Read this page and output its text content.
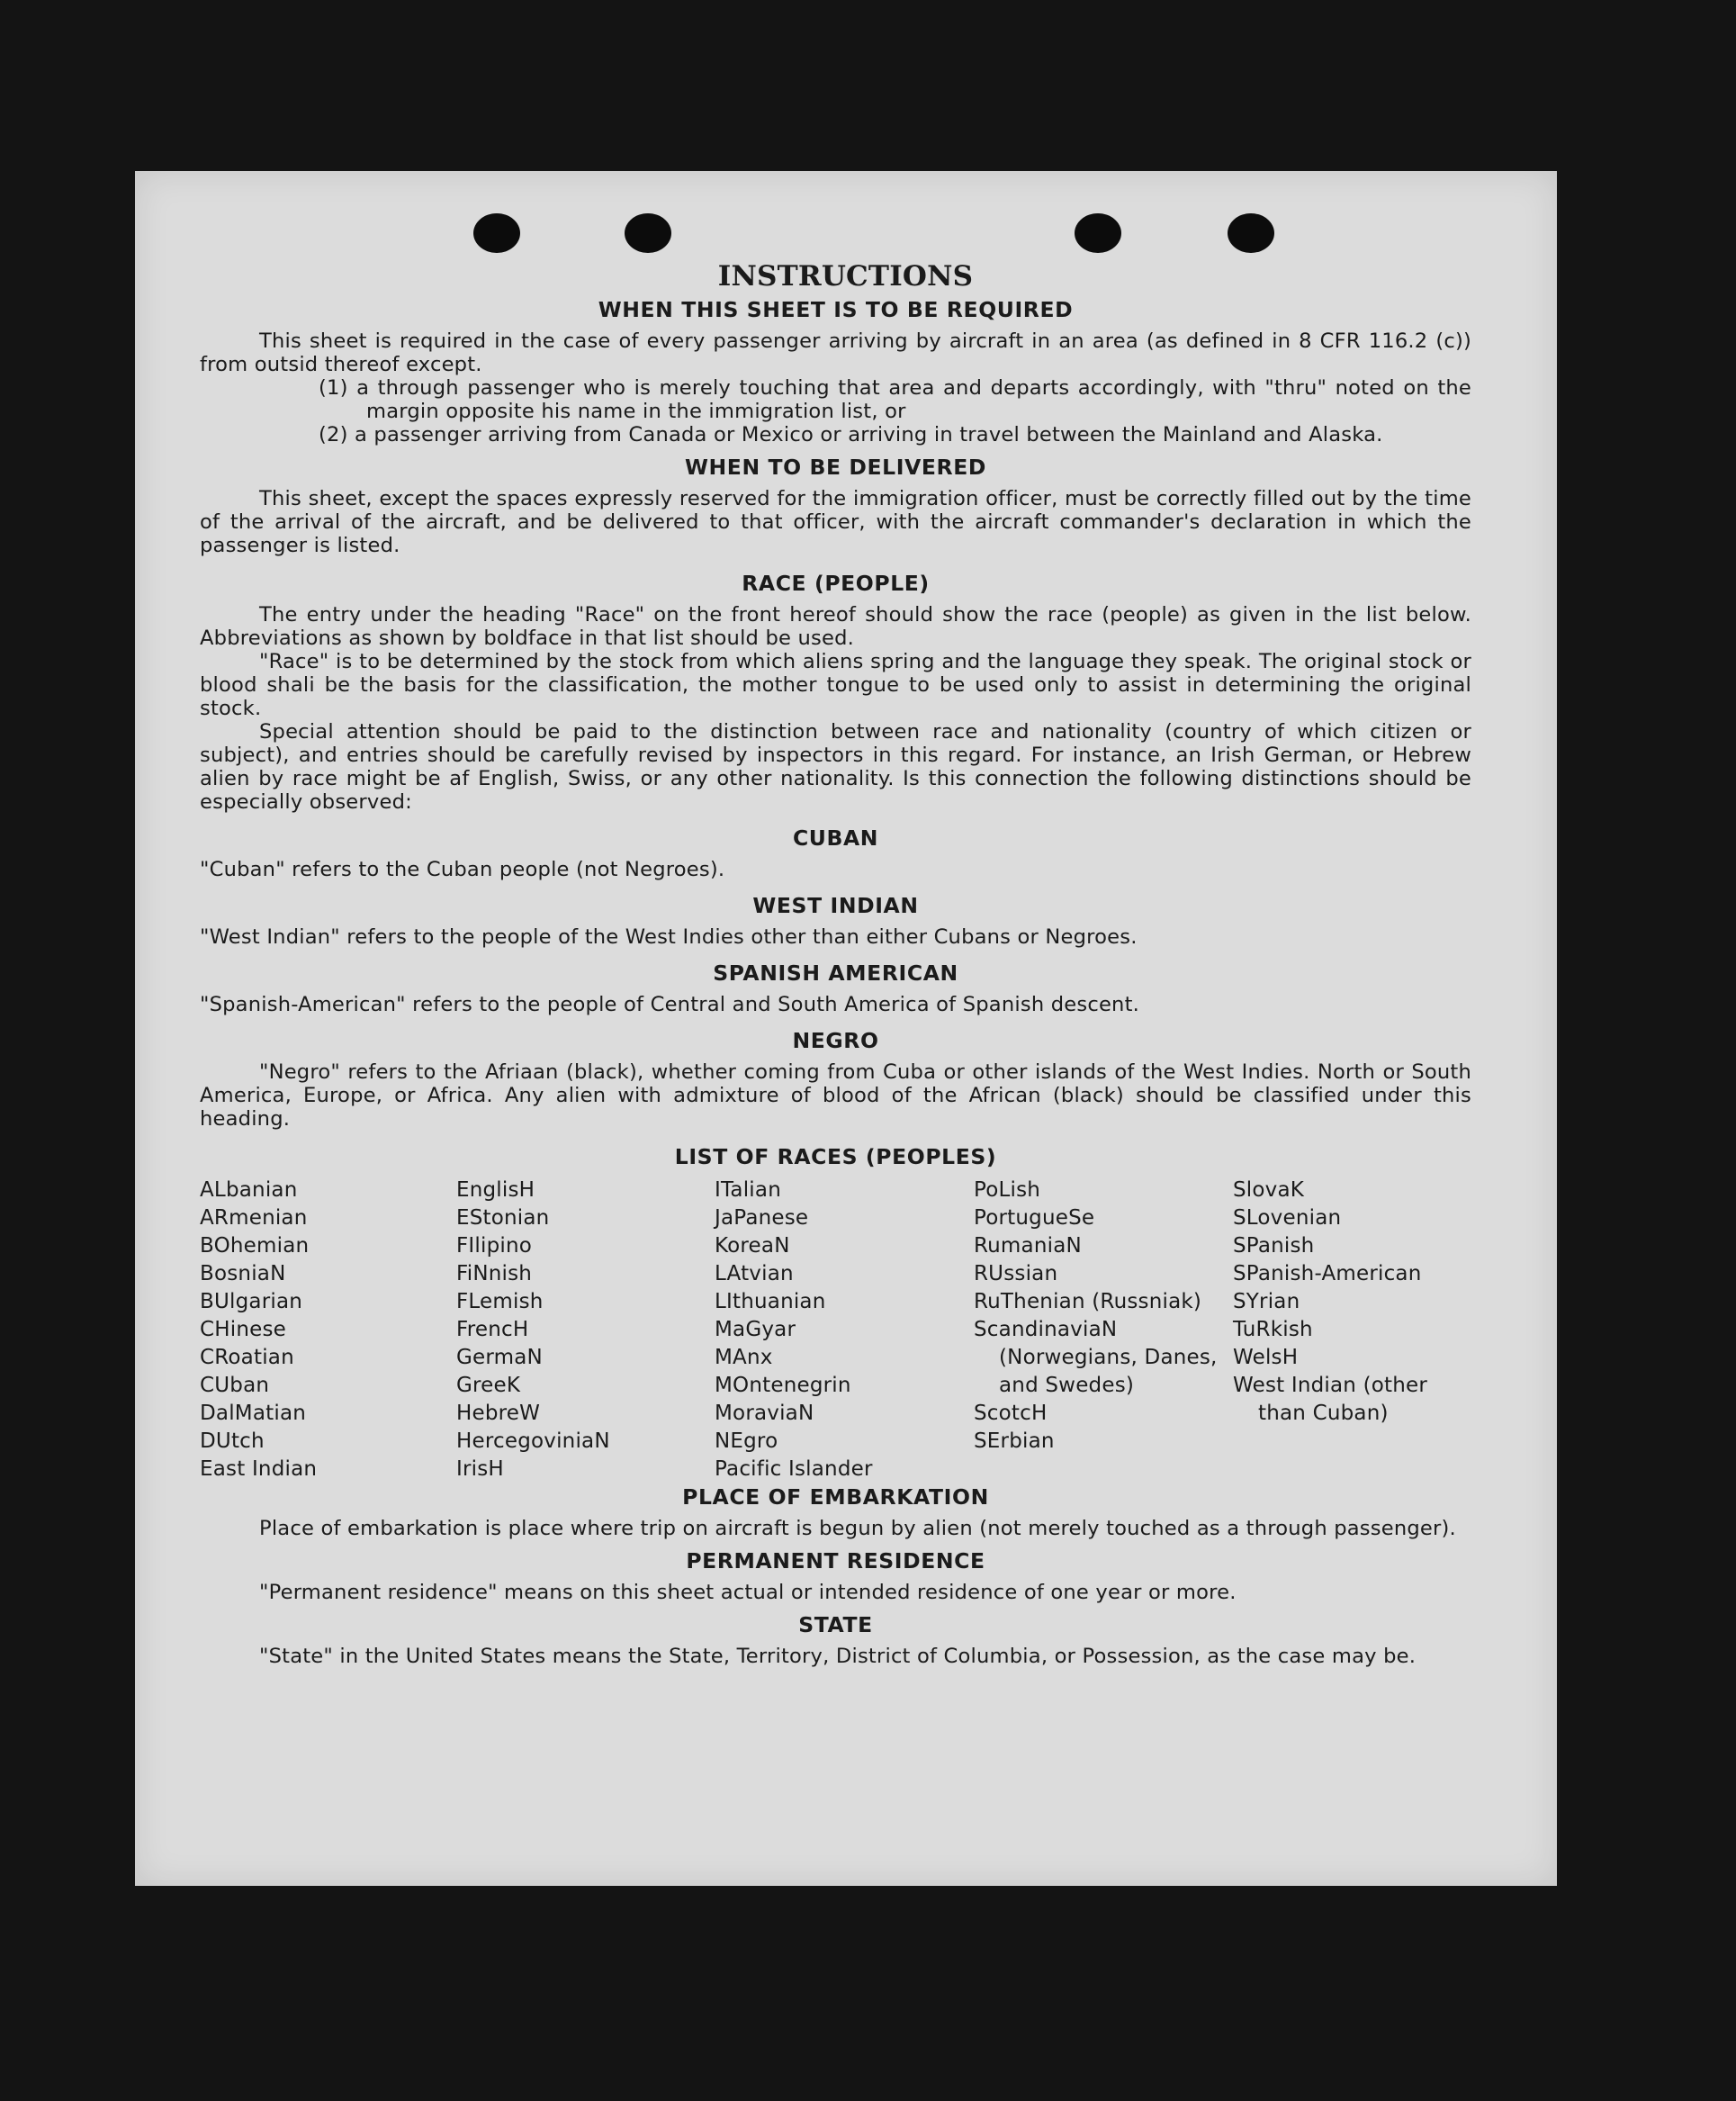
INSTRUCTIONS
WHEN THIS SHEET IS TO BE REQUIRED

This sheet is required in the case of every passenger arriving by aircraft in an area (as defined in 8 CFR 116.2 (c)) from outsid thereof except.

(1) a through passenger who is merely touching that area and departs accordingly, with "thru" noted on the margin opposite his name in the immigration list, or
(2) a passenger arriving from Canada or Mexico or arriving in travel between the Mainland and Alaska.
WHEN TO BE DELIVERED

This sheet, except the spaces expressly reserved for the immigration officer, must be correctly filled out by the time of the arrival of the aircraft, and be delivered to that officer, with the aircraft commander's declaration in which the passenger is listed.

RACE (PEOPLE)

The entry under the heading "Race" on the front hereof should show the race (people) as given in the list below. Abbreviations as shown by boldface in that list should be used.

"Race" is to be determined by the stock from which aliens spring and the language they speak. The original stock or blood shali be the basis for the classification, the mother tongue to be used only to assist in determining the original stock.

Special attention should be paid to the distinction between race and nationality (country of which citizen or subject), and entries should be carefully revised by inspectors in this regard. For instance, an Irish German, or Hebrew alien by race might be af English, Swiss, or any other nationality. Is this connection the following distinctions should be especially observed:

CUBAN

"Cuban" refers to the Cuban people (not Negroes).

WEST INDIAN

"West Indian" refers to the people of the West Indies other than either Cubans or Negroes.

SPANISH AMERICAN

"Spanish-American" refers to the people of Central and South America of Spanish descent.

NEGRO

"Negro" refers to the Afriaan (black), whether coming from Cuba or other islands of the West Indies. North or South America, Europe, or Africa. Any alien with admixture of blood of the African (black) should be classified under this heading.

LIST OF RACES (PEOPLES)
ALbanian
ARmenian
BOhemian
BosniaN
BUlgarian
CHinese
CRoatian
CUban
DalMatian
DUtch
East Indian
EnglisH
EStonian
FIlipino
FiNnish
FLemish
FrencH
GermaN
GreeK
HebreW
HercegoviniaN
IrisH
ITalian
JaPanese
KoreaN
LAtvian
LIthuanian
MaGyar
MAnx
MOntenegrin
MoraviaN
NEgro
Pacific Islander
PoLish
PortugueSe
RumaniaN
RUssian
RuThenian (Russniak)
ScandinaviaN (Norwegians, Danes, and Swedes)
ScotcH
SErbian
SlovaK
SLovenian
SPanish
SPanish-American
SYrian
TuRkish
WelsH
West Indian (other than Cuban)
PLACE OF EMBARKATION

Place of embarkation is place where trip on aircraft is begun by alien (not merely touched as a through passenger).

PERMANENT RESIDENCE

"Permanent residence" means on this sheet actual or intended residence of one year or more.

STATE

"State" in the United States means the State, Territory, District of Columbia, or Possession, as the case may be.
